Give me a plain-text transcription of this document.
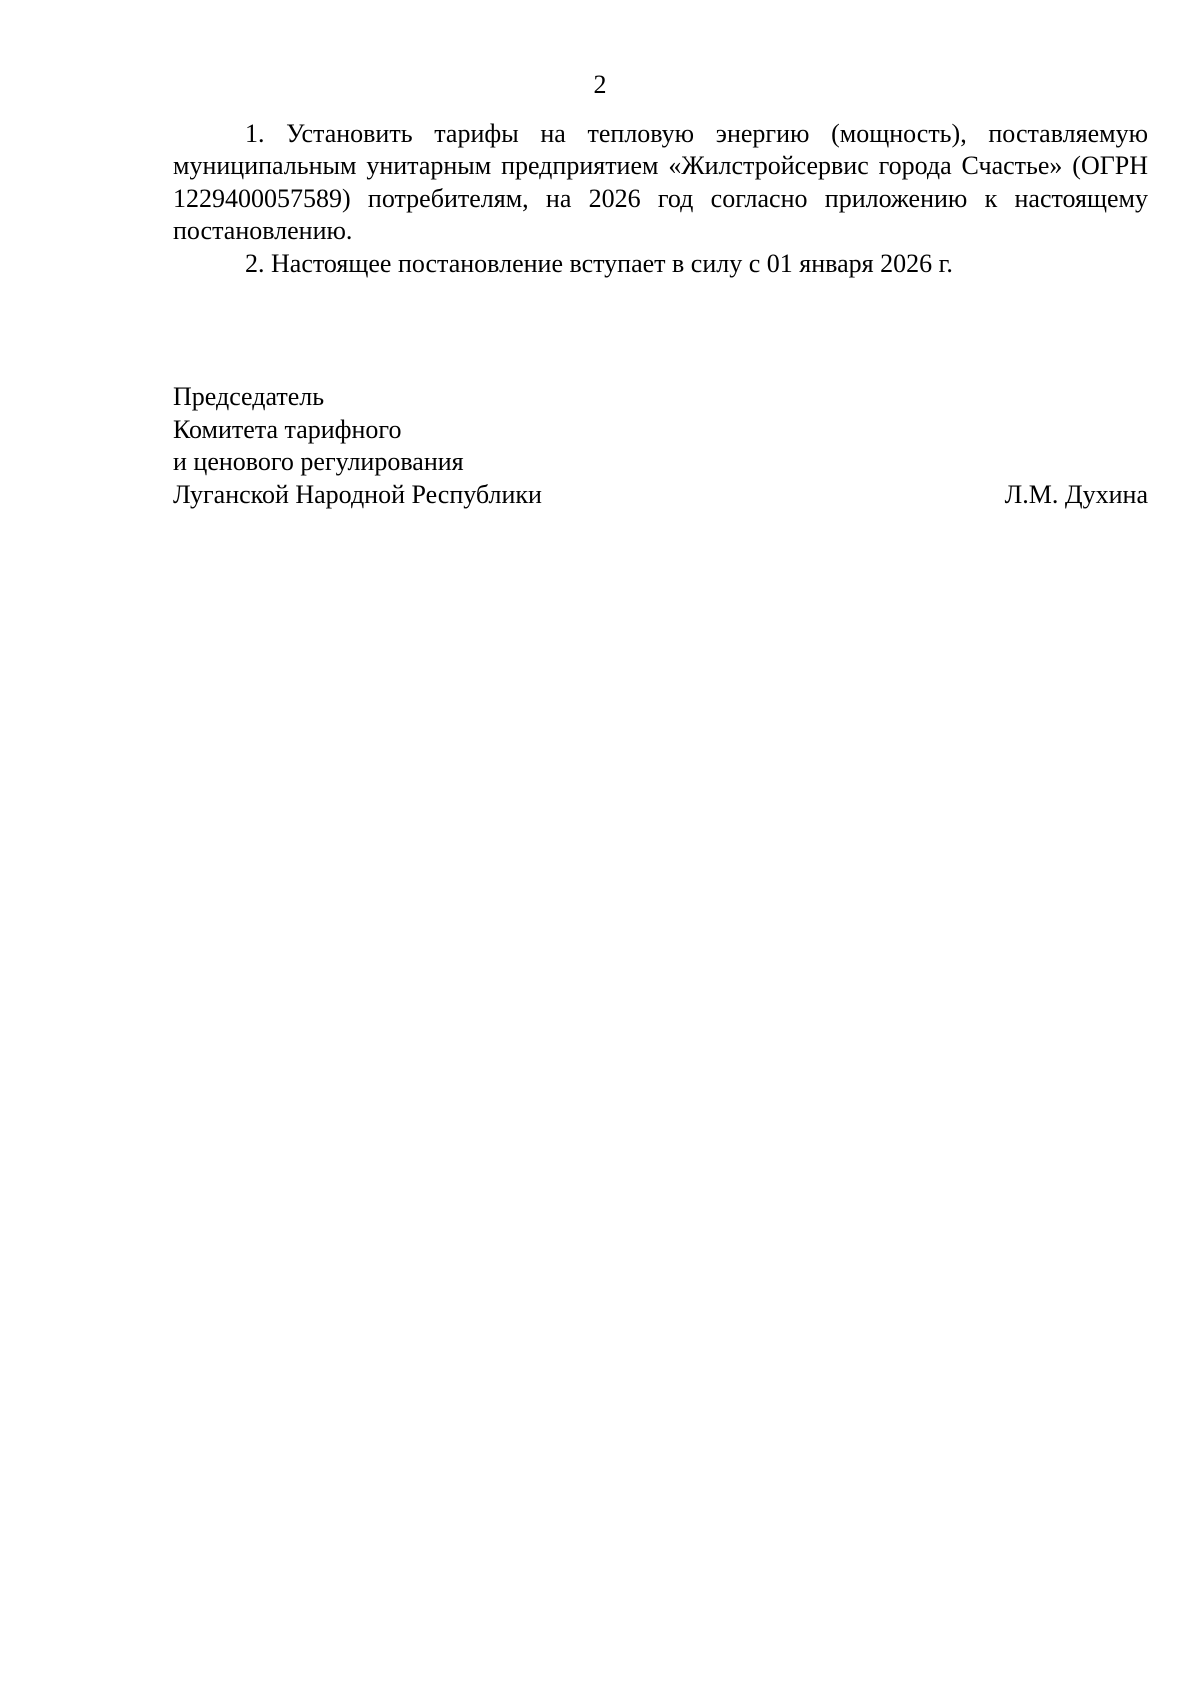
2

1. Установить тарифы на тепловую энергию (мощность), поставляемую муниципальным унитарным предприятием «Жилстройсервис города Счастье» (ОГРН 1229400057589) потребителям, на 2026 год согласно приложению к настоящему постановлению.

2. Настоящее постановление вступает в силу с 01 января 2026 г.

Председатель
Комитета тарифного
и ценового регулирования
Луганской Народной Республики	Л.М. Духина
